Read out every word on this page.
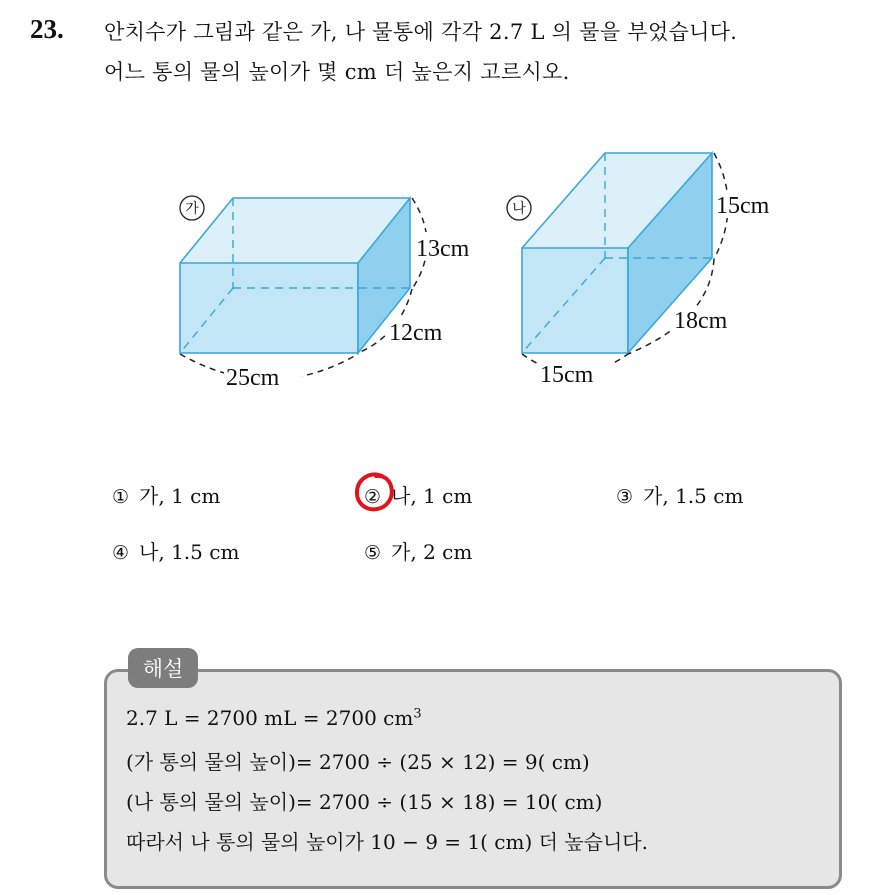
23. 안치수가 그림과 같은 가, 나 물통에 각각 2.7 L 의 물을 부었습니다.
어느 통의 물의 높이가 몇 cm 더 높은지 고르시오.
가
13cm
12cm
25cm
나	15cm
18cm
15cm
① 가, 1 cm	② 나, 1 cm	③ 가, 1.5 cm
④ 나, 1.5 cm	⑤ 가, 2 cm
해설
2.7 L = 2700 mL = 2700 $cm^3$
(가 통의 물의 높이)= 2700 ÷ (25 × 12) = 9( cm)
(나 통의 물의 높이)= 2700 ÷ (15 × 18) = 10( cm)
따라서 나 통의 물의 높이가 10 − 9 = 1( cm) 더 높습니다.
